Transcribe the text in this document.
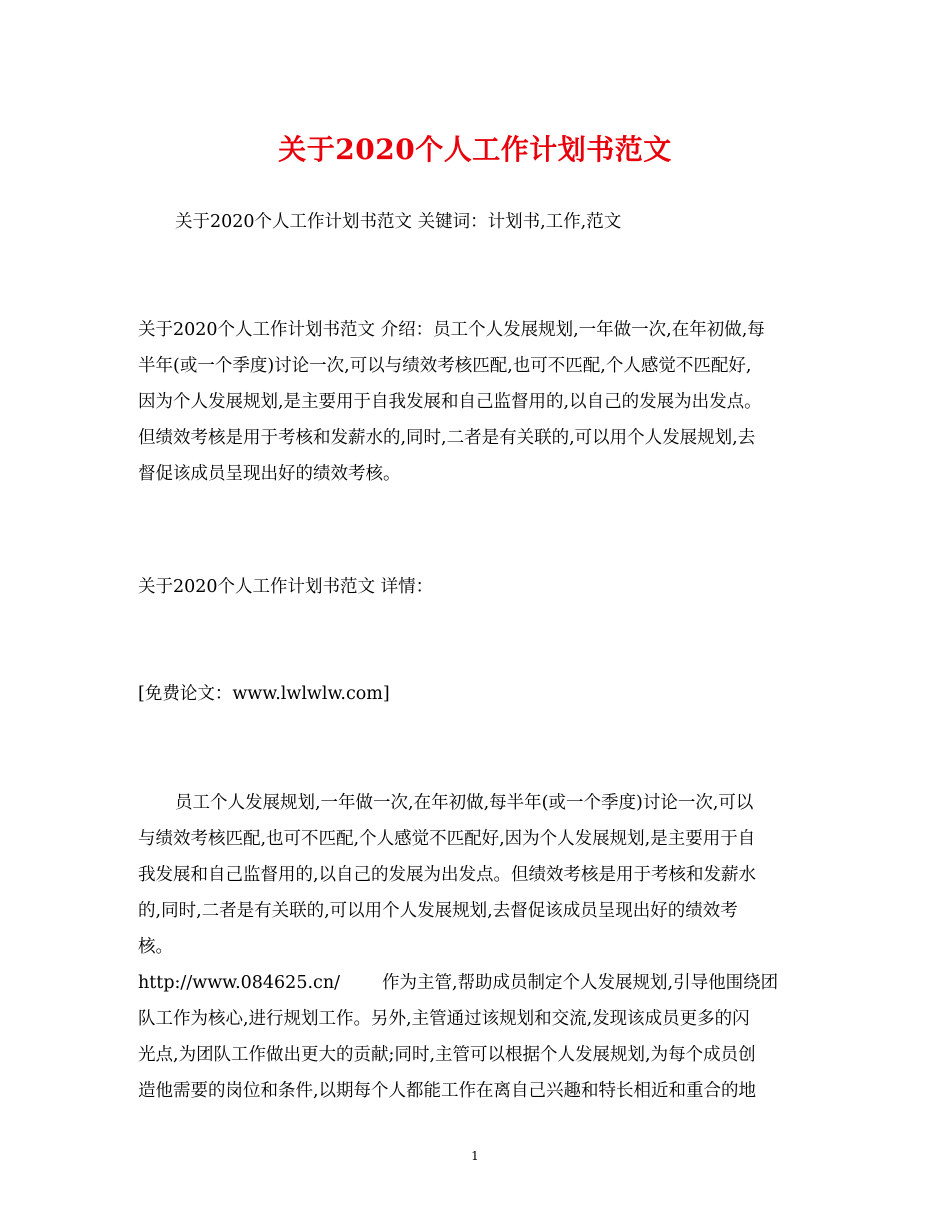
关于2020个人工作计划书范文

关于2020个人工作计划书范文 关键词：计划书,工作,范文

关于2020个人工作计划书范文 介绍：员工个人发展规划,一年做一次,在年初做,每
半年(或一个季度)讨论一次,可以与绩效考核匹配,也可不匹配,个人感觉不匹配好,
因为个人发展规划,是主要用于自我发展和自己监督用的,以自己的发展为出发点。
但绩效考核是用于考核和发薪水的,同时,二者是有关联的,可以用个人发展规划,去
督促该成员呈现出好的绩效考核。

关于2020个人工作计划书范文 详情：

[免费论文：www.lwlwlw.com]

员工个人发展规划,一年做一次,在年初做,每半年(或一个季度)讨论一次,可以
与绩效考核匹配,也可不匹配,个人感觉不匹配好,因为个人发展规划,是主要用于自
我发展和自己监督用的,以自己的发展为出发点。但绩效考核是用于考核和发薪水
的,同时,二者是有关联的,可以用个人发展规划,去督促该成员呈现出好的绩效考
核。
http://www.084625.cn/ 作为主管,帮助成员制定个人发展规划,引导他围绕团
队工作为核心,进行规划工作。另外,主管通过该规划和交流,发现该成员更多的闪
光点,为团队工作做出更大的贡献;同时,主管可以根据个人发展规划,为每个成员创
造他需要的岗位和条件,以期每个人都能工作在离自己兴趣和特长相近和重合的地

1
